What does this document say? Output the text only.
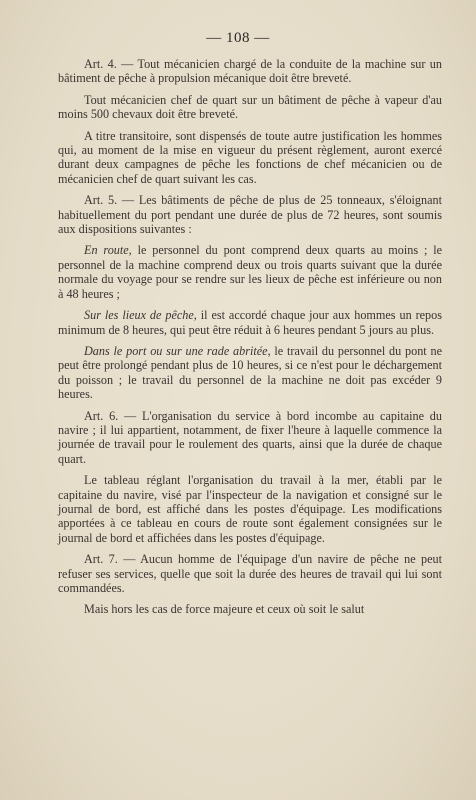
— 108 —

Art. 4. — Tout mécanicien chargé de la conduite de la machine sur un bâtiment de pêche à propulsion mécanique doit être breveté.

Tout mécanicien chef de quart sur un bâtiment de pêche à vapeur d'au moins 500 chevaux doit être breveté.

A titre transitoire, sont dispensés de toute autre justification les hommes qui, au moment de la mise en vigueur du présent règlement, auront exercé durant deux campagnes de pêche les fonctions de chef mécanicien ou de mécanicien chef de quart suivant les cas.

Art. 5. — Les bâtiments de pêche de plus de 25 tonneaux, s'éloignant habituellement du port pendant une durée de plus de 72 heures, sont soumis aux dispositions suivantes :

En route, le personnel du pont comprend deux quarts au moins ; le personnel de la machine comprend deux ou trois quarts suivant que la durée normale du voyage pour se rendre sur les lieux de pêche est inférieure ou non à 48 heures ;

Sur les lieux de pêche, il est accordé chaque jour aux hommes un repos minimum de 8 heures, qui peut être réduit à 6 heures pendant 5 jours au plus.

Dans le port ou sur une rade abritée, le travail du personnel du pont ne peut être prolongé pendant plus de 10 heures, si ce n'est pour le déchargement du poisson ; le travail du personnel de la machine ne doit pas excéder 9 heures.

Art. 6. — L'organisation du service à bord incombe au capitaine du navire ; il lui appartient, notamment, de fixer l'heure à laquelle commence la journée de travail pour le roulement des quarts, ainsi que la durée de chaque quart.

Le tableau réglant l'organisation du travail à la mer, établi par le capitaine du navire, visé par l'inspecteur de la navigation et consigné sur le journal de bord, est affiché dans les postes d'équipage. Les modifications apportées à ce tableau en cours de route sont également consignées sur le journal de bord et affichées dans les postes d'équipage.

Art. 7. — Aucun homme de l'équipage d'un navire de pêche ne peut refuser ses services, quelle que soit la durée des heures de travail qui lui sont commandées.

Mais hors les cas de force majeure et ceux où soit le salut
